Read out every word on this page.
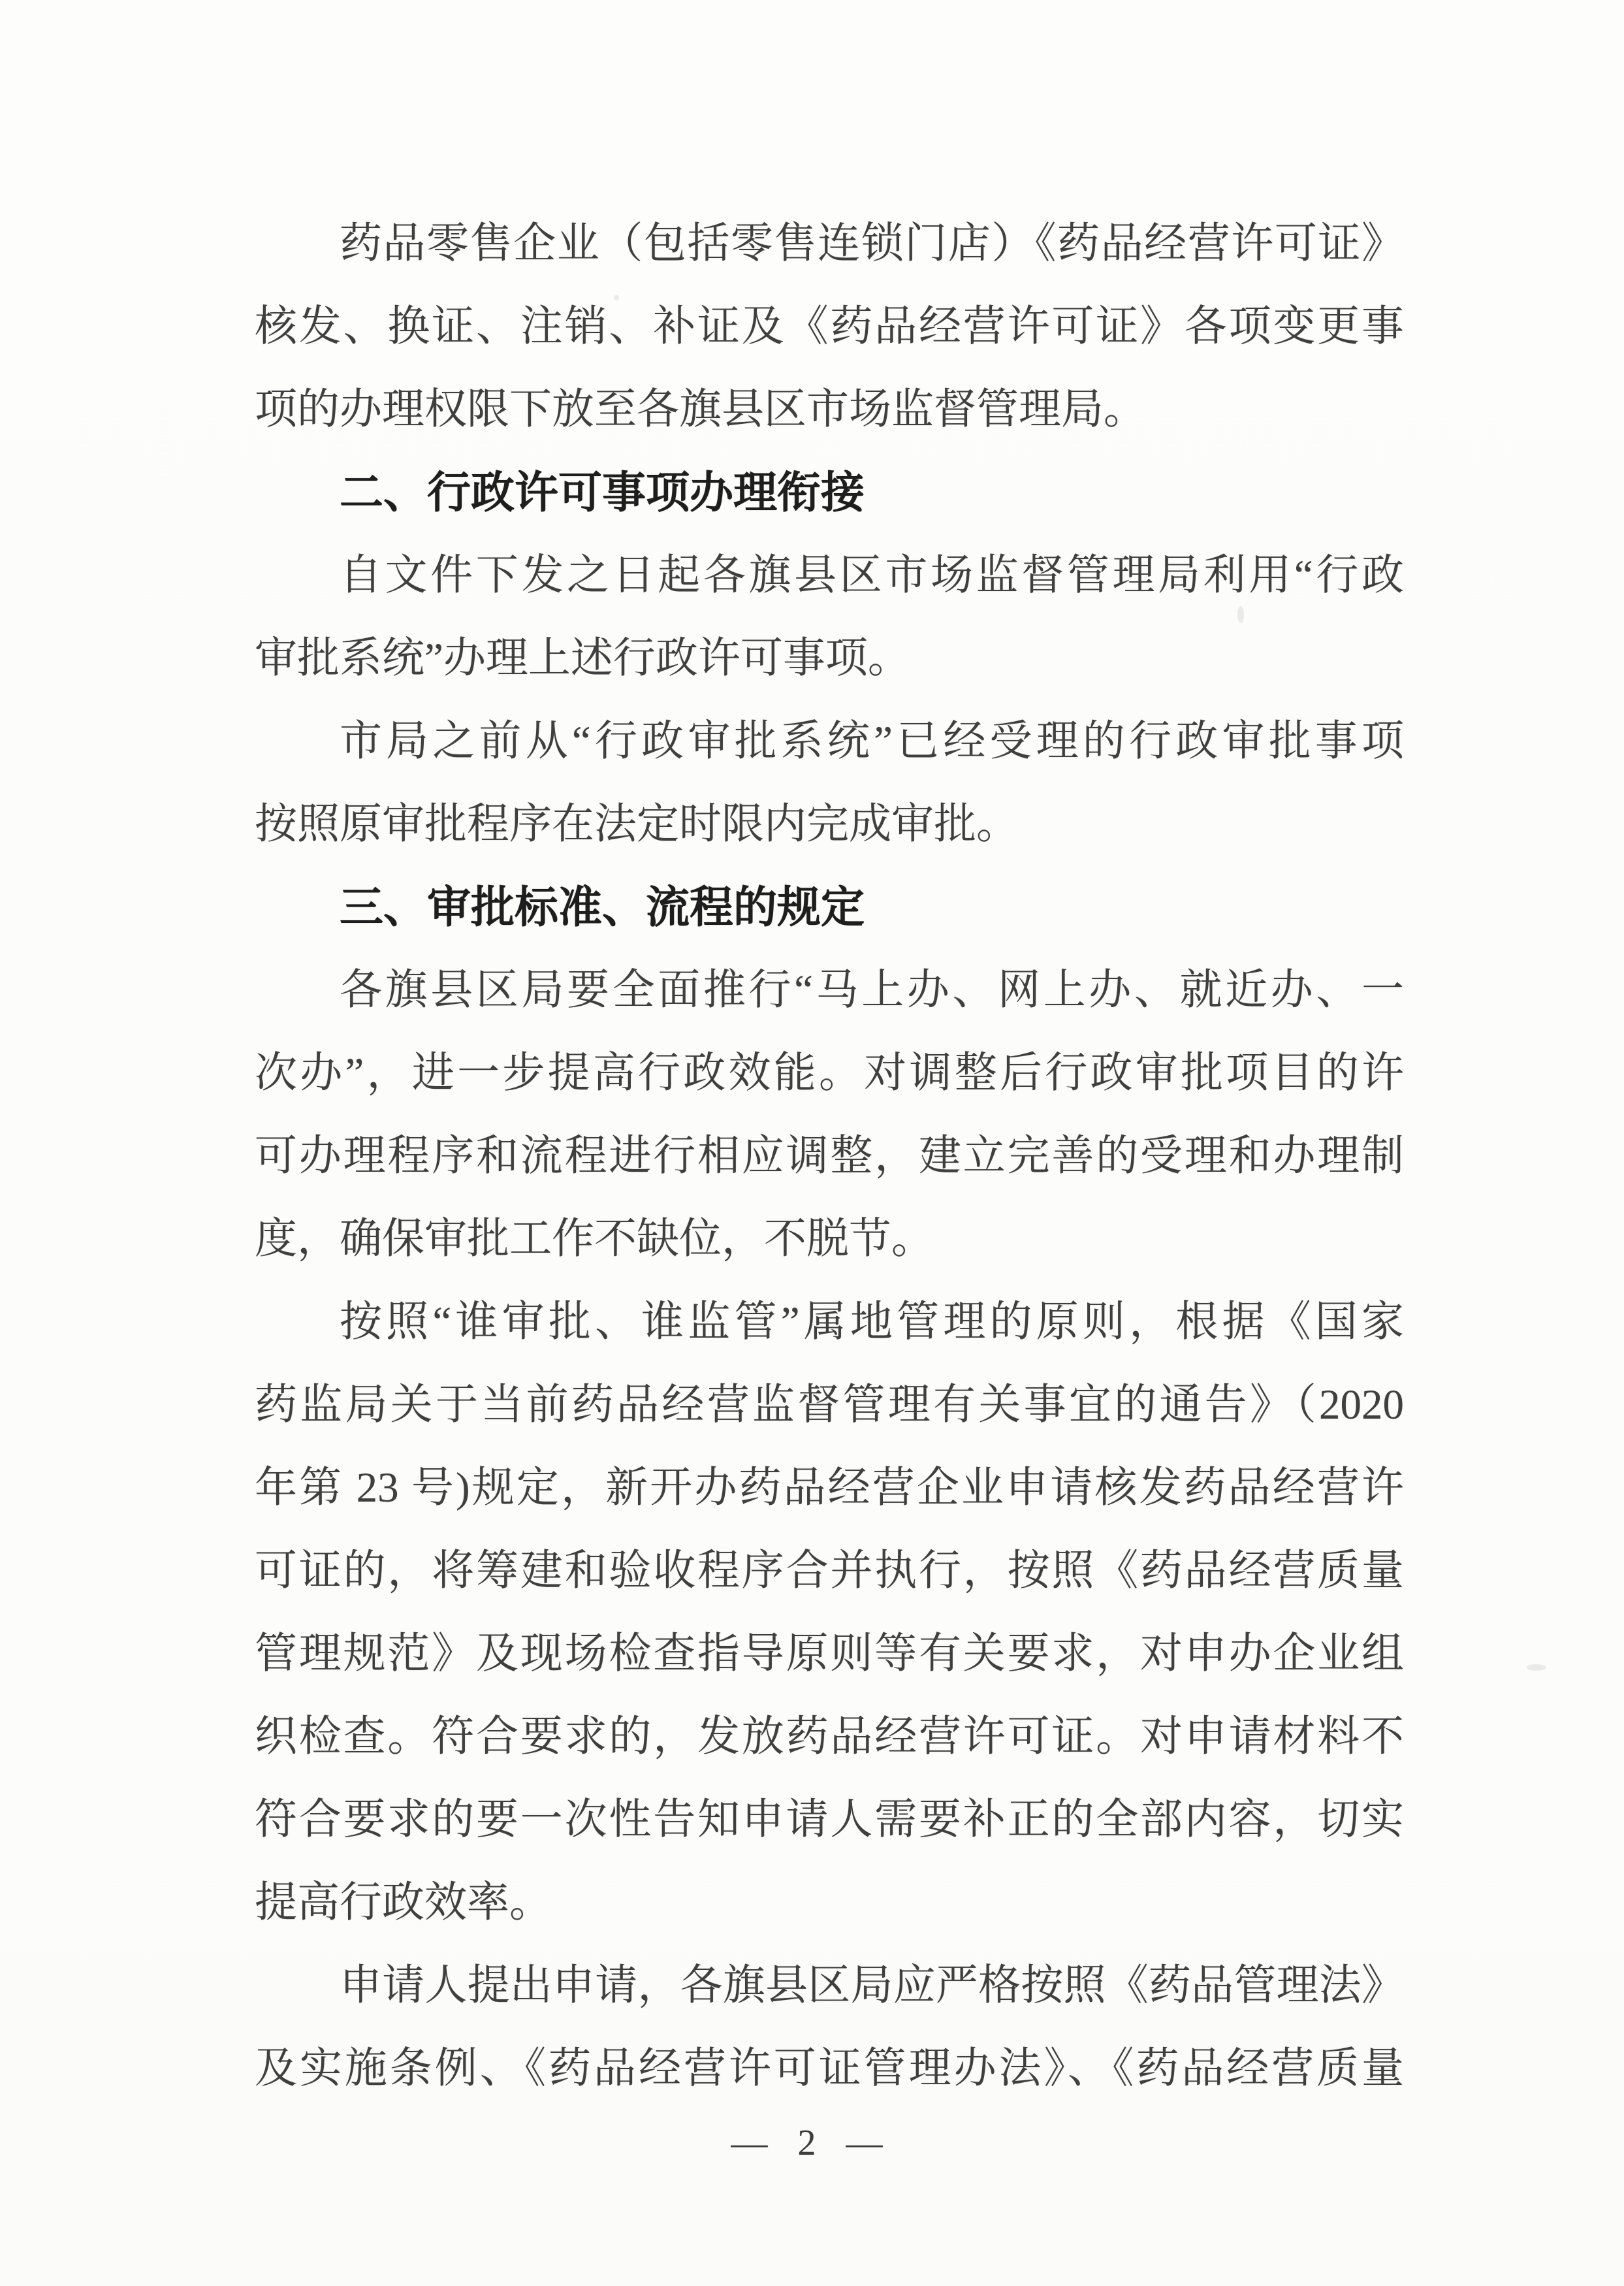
药品零售企业（包括零售连锁门店）《药品经营许可证》
核发、换证、注销、补证及《药品经营许可证》各项变更事
项的办理权限下放至各旗县区市场监督管理局。
二、行政许可事项办理衔接
自文件下发之日起各旗县区市场监督管理局利用“行政
审批系统”办理上述行政许可事项。
市局之前从“行政审批系统”已经受理的行政审批事项
按照原审批程序在法定时限内完成审批。
三、审批标准、流程的规定
各旗县区局要全面推行“马上办、网上办、就近办、一
次办”，进一步提高行政效能。对调整后行政审批项目的许
可办理程序和流程进行相应调整，建立完善的受理和办理制
度，确保审批工作不缺位，不脱节。
按照“谁审批、谁监管”属地管理的原则，根据《国家
药监局关于当前药品经营监督管理有关事宜的通告》（2020
年第 23 号)规定，新开办药品经营企业申请核发药品经营许
可证的，将筹建和验收程序合并执行，按照《药品经营质量
管理规范》及现场检查指导原则等有关要求，对申办企业组
织检查。符合要求的，发放药品经营许可证。对申请材料不
符合要求的要一次性告知申请人需要补正的全部内容，切实
提高行政效率。
申请人提出申请，各旗县区局应严格按照《药品管理法》
及实施条例、《药品经营许可证管理办法》、《药品经营质量
— 2 —
